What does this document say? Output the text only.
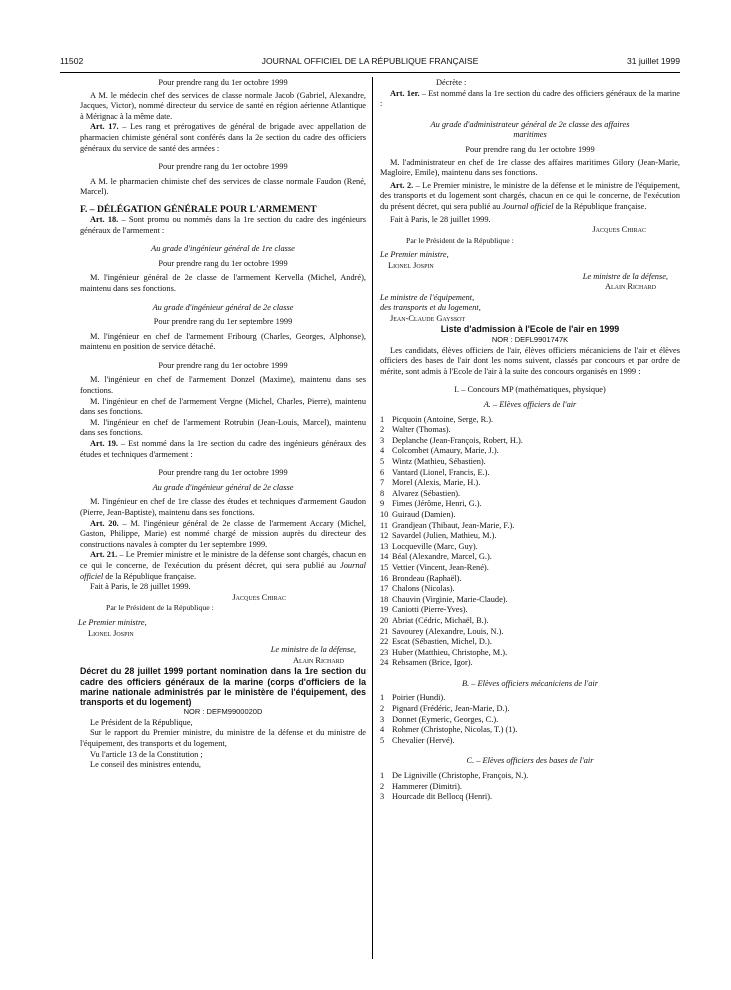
11502	JOURNAL OFFICIEL DE LA RÉPUBLIQUE FRANÇAISE	31 juillet 1999

Pour prendre rang du 1er octobre 1999

A M. le médecin chef des services de classe normale Jacob (Gabriel, Alexandre, Jacques, Victor), nommé directeur du service de santé en région aérienne Atlantique à Mérignac à la même date.

Art. 17. – Les rang et prérogatives de général de brigade avec appellation de pharmacien chimiste général sont conférés dans la 2e section du cadre des officiers généraux du service de santé des armées :

Pour prendre rang du 1er octobre 1999

A M. le pharmacien chimiste chef des services de classe normale Faudon (René, Marcel).

F. – DÉLÉGATION GÉNÉRALE POUR L'ARMEMENT

Art. 18. – Sont promu ou nommés dans la 1re section du cadre des ingénieurs généraux de l'armement :

Au grade d'ingénieur général de 1re classe

Pour prendre rang du 1er octobre 1999

M. l'ingénieur général de 2e classe de l'armement Kervella (Michel, André), maintenu dans ses fonctions.

Au grade d'ingénieur général de 2e classe

Pour prendre rang du 1er septembre 1999

M. l'ingénieur en chef de l'armement Fribourg (Charles, Georges, Alphonse), maintenu en position de service détaché.

Pour prendre rang du 1er octobre 1999

M. l'ingénieur en chef de l'armement Donzel (Maxime), maintenu dans ses fonctions.

M. l'ingénieur en chef de l'armement Vergne (Michel, Charles, Pierre), maintenu dans ses fonctions.

M. l'ingénieur en chef de l'armement Rotrubin (Jean-Louis, Marcel), maintenu dans ses fonctions.

Art. 19. – Est nommé dans la 1re section du cadre des ingénieurs généraux des études et techniques d'armement :

Pour prendre rang du 1er octobre 1999

Au grade d'ingénieur général de 2e classe

M. l'ingénieur en chef de 1re classe des études et techniques d'armement Gaudon (Pierre, Jean-Baptiste), maintenu dans ses fonctions.

Art. 20. – M. l'ingénieur général de 2e classe de l'armement Accary (Michel, Gaston, Philippe, Marie) est nommé chargé de mission auprès du directeur des constructions navales à compter du 1er septembre 1999.

Art. 21. – Le Premier ministre et le ministre de la défense sont chargés, chacun en ce qui le concerne, de l'exécution du présent décret, qui sera publié au Journal officiel de la République française.

Fait à Paris, le 28 juillet 1999.

Jacques Chirac

Par le Président de la République :

Le Premier ministre,

Lionel Jospin

Le ministre de la défense,

Alain Richard

Décret du 28 juillet 1999 portant nomination dans la 1re section du cadre des officiers généraux de la marine (corps d'officiers de la marine nationale administrés par le ministère de l'équipement, des transports et du logement)

NOR : DEFM9900020D

Le Président de la République,

Sur le rapport du Premier ministre, du ministre de la défense et du ministre de l'équipement, des transports et du logement,

Vu l'article 13 de la Constitution ;

Le conseil des ministres entendu,

Décrète :

Art. 1er. – Est nommé dans la 1re section du cadre des officiers généraux de la marine :

Au grade d'administrateur général de 2e classe des affaires maritimes

Pour prendre rang du 1er octobre 1999

M. l'administrateur en chef de 1re classe des affaires maritimes Gilory (Jean-Marie, Magloire, Emile), maintenu dans ses fonctions.

Art. 2. – Le Premier ministre, le ministre de la défense et le ministre de l'équipement, des transports et du logement sont chargés, chacun en ce qui le concerne, de l'exécution du présent décret, qui sera publié au Journal officiel de la République française.

Fait à Paris, le 28 juillet 1999.

Jacques Chirac

Par le Président de la République :

Le Premier ministre,

Lionel Jospin

Le ministre de la défense,

Alain Richard

Le ministre de l'équipement,

des transports et du logement,

Jean-Claude Gayssot

Liste d'admission à l'Ecole de l'air en 1999

NOR : DEFL9901747K

Les candidats, élèves officiers de l'air, élèves officiers mécaniciens de l'air et élèves officiers des bases de l'air dont les noms suivent, classés par concours et par ordre de mérite, sont admis à l'Ecole de l'air à la suite des concours organisés en 1999 :

I. – Concours MP (mathématiques, physique)

A. – Elèves officiers de l'air

1 Picquoin (Antoine, Serge, R.).
2 Walter (Thomas).
3 Deplanche (Jean-François, Robert, H.).
4 Colcombet (Amaury, Marie, J.).
5 Wintz (Mathieu, Sébastien).
6 Vantard (Lionel, Francis, E.).
7 Morel (Alexis, Marie, H.).
8 Alvarez (Sébastien).
9 Fimes (Jérôme, Henri, G.).
10 Guiraud (Damien).
11 Grandjean (Thibaut, Jean-Marie, F.).
12 Savardel (Julien, Mathieu, M.).
13 Locqueville (Marc, Guy).
14 Béal (Alexandre, Marcel, G.).
15 Vettier (Vincent, Jean-René).
16 Brondeau (Raphaël).
17 Chalons (Nicolas).
18 Chauvin (Virginie, Marie-Claude).
19 Caniotti (Pierre-Yves).
20 Abriat (Cédric, Michaël, B.).
21 Savourey (Alexandre, Louis, N.).
22 Escat (Sébastien, Michel, D.).
23 Huber (Matthieu, Christophe, M.).
24 Rebsamen (Brice, Igor).

B. – Elèves officiers mécaniciens de l'air

1 Poirier (Hundi).
2 Pignard (Frédéric, Jean-Marie, D.).
3 Donnet (Eymeric, Georges, C.).
4 Rohmer (Christophe, Nicolas, T.) (1).
5 Chevalier (Hervé).

C. – Elèves officiers des bases de l'air

1 De Ligniville (Christophe, François, N.).
2 Hammerer (Dimitri).
3 Hourcade dit Bellocq (Henri).
